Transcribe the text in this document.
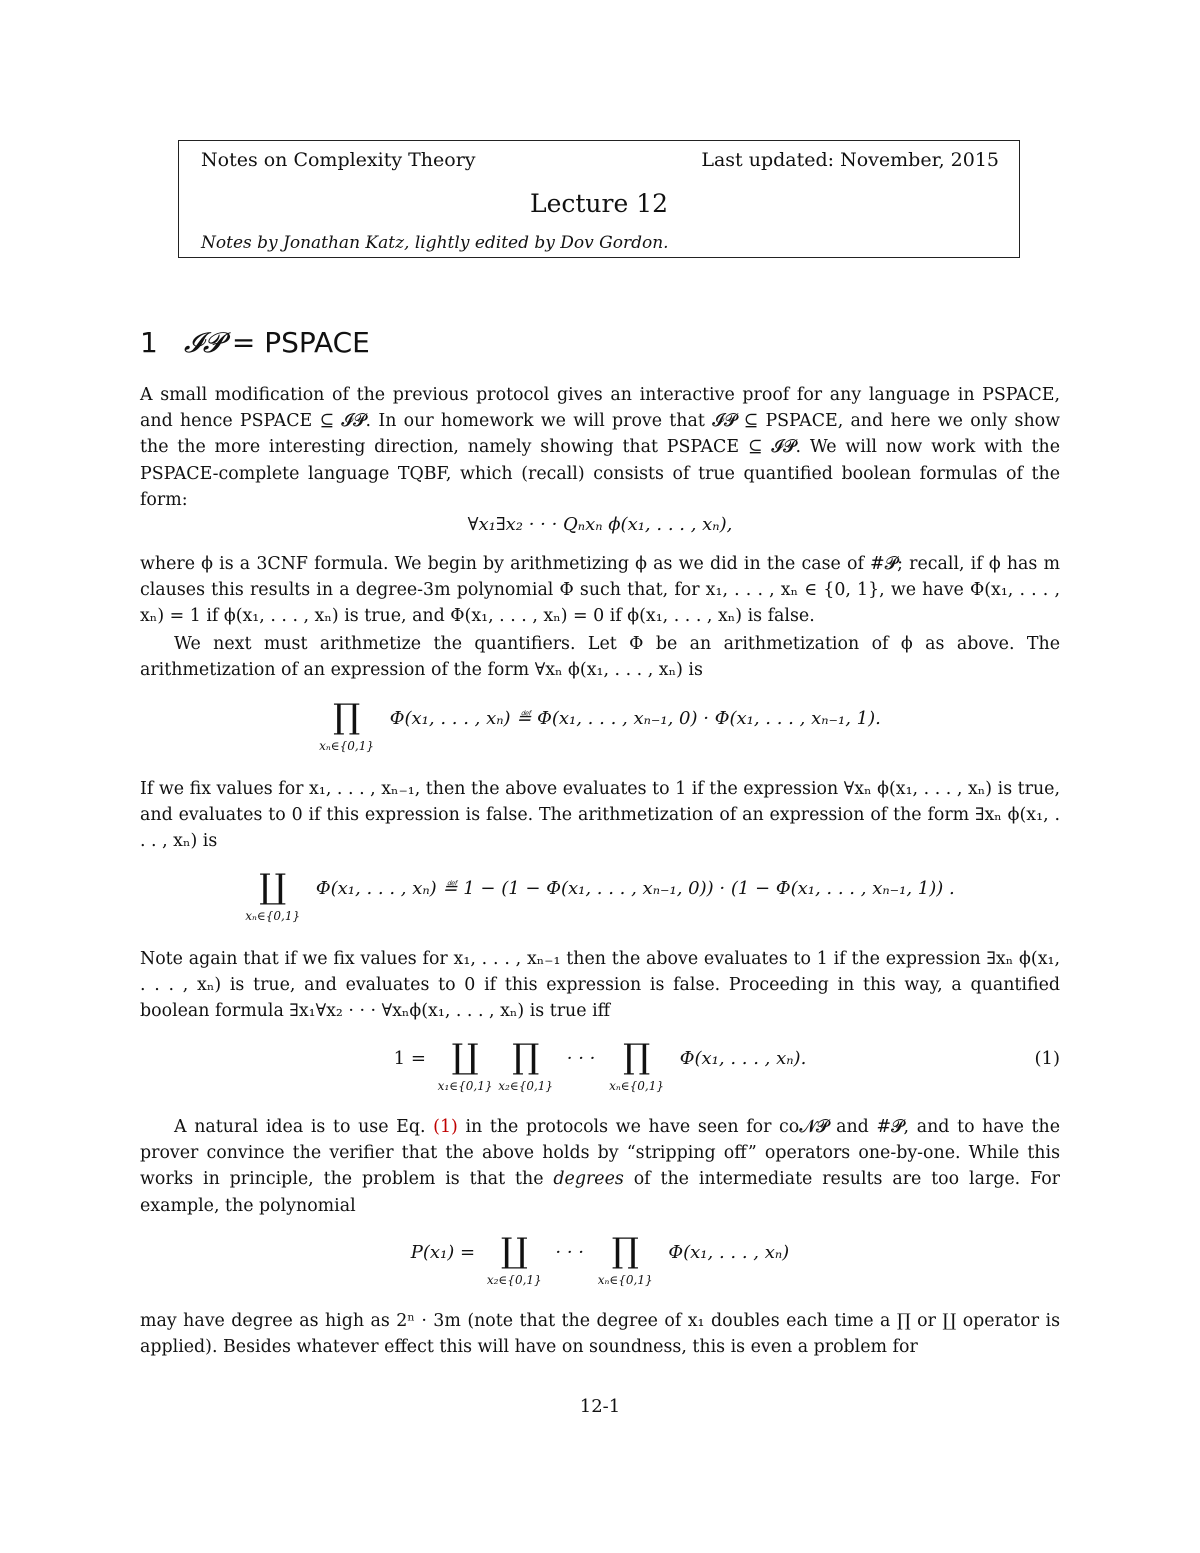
Notes on Complexity Theory	Last updated: November, 2015
Lecture 12
Notes by Jonathan Katz, lightly edited by Dov Gordon.
1 𝓘𝓟 = PSPACE
A small modification of the previous protocol gives an interactive proof for any language in PSPACE, and hence PSPACE ⊆ 𝓘𝓟. In our homework we will prove that 𝓘𝓟 ⊆ PSPACE, and here we only show the the more interesting direction, namely showing that PSPACE ⊆ 𝓘𝓟. We will now work with the PSPACE-complete language TQBF, which (recall) consists of true quantified boolean formulas of the form:
∀x₁∃x₂ · · · Qₙxₙ ϕ(x₁, . . . , xₙ),
where ϕ is a 3CNF formula. We begin by arithmetizing ϕ as we did in the case of #𝓟; recall, if ϕ has m clauses this results in a degree-3m polynomial Φ such that, for x₁, . . . , xₙ ∈ {0, 1}, we have Φ(x₁, . . . , xₙ) = 1 if ϕ(x₁, . . . , xₙ) is true, and Φ(x₁, . . . , xₙ) = 0 if ϕ(x₁, . . . , xₙ) is false.
We next must arithmetize the quantifiers. Let Φ be an arithmetization of ϕ as above. The arithmetization of an expression of the form ∀xₙ ϕ(x₁, . . . , xₙ) is
∏
xₙ∈{0,1} Φ(x₁, . . . , xₙ) ≝ Φ(x₁, . . . , xₙ₋₁, 0) · Φ(x₁, . . . , xₙ₋₁, 1).
If we fix values for x₁, . . . , xₙ₋₁, then the above evaluates to 1 if the expression ∀xₙ ϕ(x₁, . . . , xₙ) is true, and evaluates to 0 if this expression is false. The arithmetization of an expression of the form ∃xₙ ϕ(x₁, . . . , xₙ) is
∐
xₙ∈{0,1} Φ(x₁, . . . , xₙ) ≝ 1 − (1 − Φ(x₁, . . . , xₙ₋₁, 0)) · (1 − Φ(x₁, . . . , xₙ₋₁, 1)) .
Note again that if we fix values for x₁, . . . , xₙ₋₁ then the above evaluates to 1 if the expression ∃xₙ ϕ(x₁, . . . , xₙ) is true, and evaluates to 0 if this expression is false. Proceeding in this way, a quantified boolean formula ∃x₁∀x₂ · · · ∀xₙϕ(x₁, . . . , xₙ) is true iff
1 = ∐
x₁∈{0,1} ∏
x₂∈{0,1} · · · ∏
xₙ∈{0,1} Φ(x₁, . . . , xₙ).	(1)
A natural idea is to use Eq. (1) in the protocols we have seen for co𝓝𝓟 and #𝓟, and to have the prover convince the verifier that the above holds by “stripping off” operators one-by-one. While this works in principle, the problem is that the degrees of the intermediate results are too large. For example, the polynomial
P(x₁) = ∐
x₂∈{0,1} · · · ∏
xₙ∈{0,1} Φ(x₁, . . . , xₙ)
may have degree as high as 2ⁿ · 3m (note that the degree of x₁ doubles each time a ∏ or ∐ operator is applied). Besides whatever effect this will have on soundness, this is even a problem for
12-1
